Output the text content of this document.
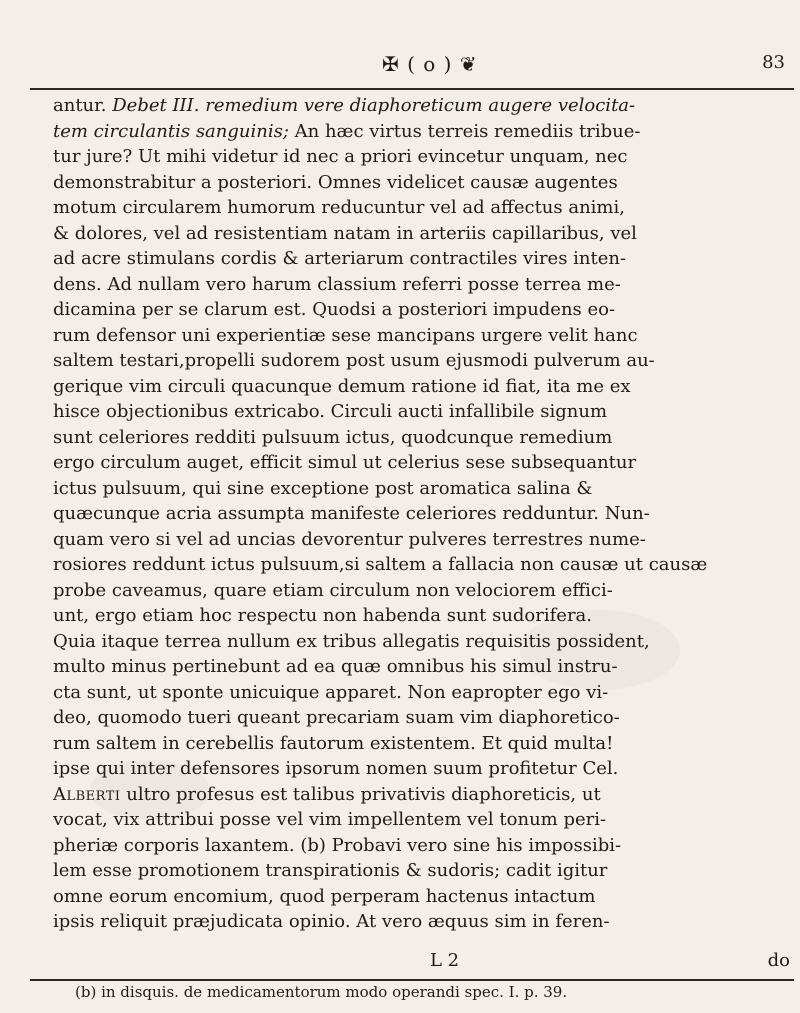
✠ ( o ) ❦	83
antur. Debet III. remedium vere diaphoreticum augere velocita-
tem circulantis sanguinis; An hæc virtus terreis remediis tribue-
tur jure? Ut mihi videtur id nec a priori evincetur unquam, nec
demonstrabitur a posteriori. Omnes videlicet causæ augentes
motum circularem humorum reducuntur vel ad affectus animi,
& dolores, vel ad resistentiam natam in arteriis capillaribus, vel
ad acre stimulans cordis & arteriarum contractiles vires inten-
dens. Ad nullam vero harum classium referri posse terrea me-
dicamina per se clarum est. Quodsi a posteriori impudens eo-
rum defensor uni experientiæ sese mancipans urgere velit hanc
saltem testari,propelli sudorem post usum ejusmodi pulverum au-
gerique vim circuli quacunque demum ratione id fiat, ita me ex
hisce objectionibus extricabo. Circuli aucti infallibile signum
sunt celeriores redditi pulsuum ictus, quodcunque remedium
ergo circulum auget, efficit simul ut celerius sese subsequantur
ictus pulsuum, qui sine exceptione post aromatica salina &
quæcunque acria assumpta manifeste celeriores redduntur. Nun-
quam vero si vel ad uncias devorentur pulveres terrestres nume-
rosiores reddunt ictus pulsuum,si saltem a fallacia non causæ ut causæ
probe caveamus, quare etiam circulum non velociorem effici-
unt, ergo etiam hoc respectu non habenda sunt sudorifera.
Quia itaque terrea nullum ex tribus allegatis requisitis possident,
multo minus pertinebunt ad ea quæ omnibus his simul instru-
cta sunt, ut sponte unicuique apparet. Non eapropter ego vi-
deo, quomodo tueri queant precariam suam vim diaphoretico-
rum saltem in cerebellis fautorum existentem. Et quid multa!
ipse qui inter defensores ipsorum nomen suum profitetur Cel.
Alberti ultro profesus est talibus privativis diaphoreticis, ut
vocat, vix attribui posse vel vim impellentem vel tonum peri-
pheriæ corporis laxantem. (b) Probavi vero sine his impossibi-
lem esse promotionem transpirationis & sudoris; cadit igitur
omne eorum encomium, quod perperam hactenus intactum
ipsis reliquit præjudicata opinio. At vero æquus sim in feren-
L 2	do
(b) in disquis. de medicamentorum modo operandi spec. I. p. 39.
